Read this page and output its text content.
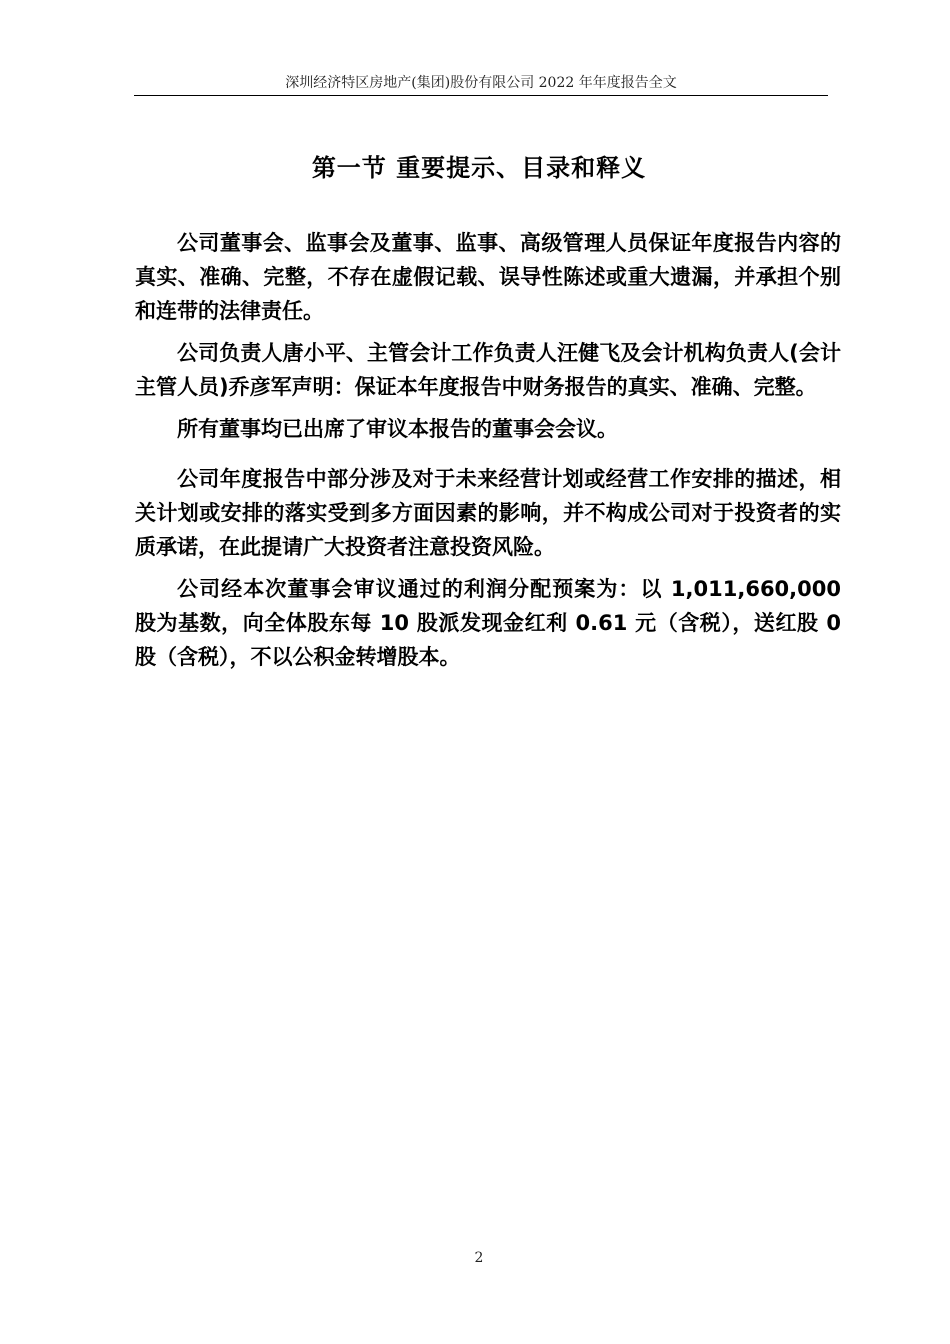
深圳经济特区房地产(集团)股份有限公司 2022 年年度报告全文
第一节 重要提示、目录和释义

公司董事会、监事会及董事、监事、高级管理人员保证年度报告内容的真实、准确、完整，不存在虚假记载、误导性陈述或重大遗漏，并承担个别和连带的法律责任。

公司负责人唐小平、主管会计工作负责人汪健飞及会计机构负责人(会计主管人员)乔彦军声明：保证本年度报告中财务报告的真实、准确、完整。

所有董事均已出席了审议本报告的董事会会议。

公司年度报告中部分涉及对于未来经营计划或经营工作安排的描述，相关计划或安排的落实受到多方面因素的影响，并不构成公司对于投资者的实质承诺，在此提请广大投资者注意投资风险。

公司经本次董事会审议通过的利润分配预案为：以 1,011,660,000 股为基数，向全体股东每 10 股派发现金红利 0.61 元（含税），送红股 0 股（含税），不以公积金转增股本。

2
